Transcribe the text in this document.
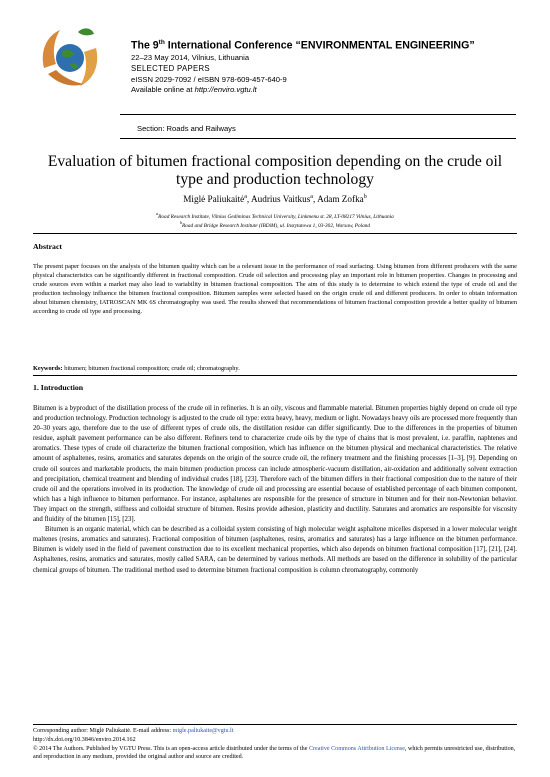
The 9th International Conference “ENVIRONMENTAL ENGINEERING”
22–23 May 2014, Vilnius, Lithuania
SELECTED PAPERS
eISSN 2029-7092 / eISBN 978-609-457-640-9
Available online at http://enviro.vgtu.lt
Section: Roads and Railways
Evaluation of bitumen fractional composition depending on the crude oil
type and production technology
Miglė Paliukaitė$^a$, Audrius Vaitkus$^a$, Adam Zofka$^b$
$^a$Road Research Institute, Vilnius Gediminas Technical University, Linkmenu st. 28, LT-08217 Vilnius, Lithuania
$^b$Road and Bridge Research Institute (IBDiM), ul. Instytutowa 1, 03-302, Warsaw, Poland
Abstract
The present paper focuses on the analysis of the bitumen quality which can be a relevant issue in the performance of road surfacing. Using bitumen from different producers with the same physical characteristics can be significantly different in fractional composition. Crude oil selection and processing play an important role in bitumen properties. Changes in processing and crude sources even within a market may also lead to variability in bitumen fractional composition. The aim of this study is to determine to which extend the type of crude oil and the production technology influence the bitumen fractional composition. Bitumen samples were selected based on the origin crude oil and different producers. In order to obtain information about bitumen chemistry, IATROSCAN MK 6S chromatography was used. The results showed that recommendations of bitumen fractional composition provide a better quality of bitumen according to crude oil type and processing.
Keywords: bitumen; bitumen fractional composition; crude oil; chromatography.
1. Introduction

Bitumen is a byproduct of the distillation process of the crude oil in refineries. It is an oily, viscous and flammable material. Bitumen properties highly depend on crude oil type and production technology. Production technology is adjusted to the crude oil type: extra heavy, heavy, medium or light. Nowadays heavy oils are processed more frequently than 20–30 years ago, therefore due to the use of different types of crude oils, the distillation residue can differ significantly. Due to the differences in the properties of bitumen residue, asphalt pavement performance can be also different. Refiners tend to characterize crude oils by the type of chains that is most prevalent, i.e. paraffin, naphtenes and aromatics. These types of crude oil characterize the bitumen fractional composition, which has influence on the bitumen physical and mechanical characteristics. The relative amount of asphaltenes, resins, aromatics and saturates depends on the origin of the source crude oil, the refinery treatment and the finishing processes [1–3], [9]. Depending on crude oil sources and marketable products, the main bitumen production process can include atmospheric-vacuum distillation, air-oxidation and additionally solvent extraction and precipitation, chemical treatment and blending of individual crudes [18], [23]. Therefore each of the bitumen differs in their fractional composition due to the nature of their crude oil and the operations involved in its production. The knowledge of crude oil and processing are essential because of established percentage of each bitumen component, which has a high influence to bitumen performance. For instance, asphaltenes are responsible for the presence of structure in bitumen and for their non-Newtonian behavior. They impact on the strength, stiffness and colloidal structure of bitumen. Resins provide adhesion, plasticity and ductility. Saturates and aromatics are responsible for viscosity and fluidity of the bitumen [15], [23].

Bitumen is an organic material, which can be described as a colloidal system consisting of high molecular weight asphaltene micelles dispersed in a lower molecular weight maltenes (resins, aromatics and saturates). Fractional composition of bitumen (asphaltenes, resins, aromatics and saturates) has a large influence on the bitumen performance. Bitumen is widely used in the field of pavement construction due to its excellent mechanical properties, which also depends on bitumen fractional composition [17], [21], [24]. Asphaltenes, resins, aromatics and saturates, mostly called SARA, can be determined by various methods. All methods are based on the difference in solubility of the particular chemical groups of bitumen. The traditional method used to determine bitumen fractional composition is column chromatography, commonly

Corresponding author: Miglė Paliukaitė. E-mail address: migle.paliukaite@vgtu.lt
http://dx.doi.org/10.3846/enviro.2014.162
© 2014 The Authors. Published by VGTU Press. This is an open-access article distributed under the terms of the Creative Commons Attribution License, which permits unrestricted use, distribution, and reproduction in any medium, provided the original author and source are credited.
